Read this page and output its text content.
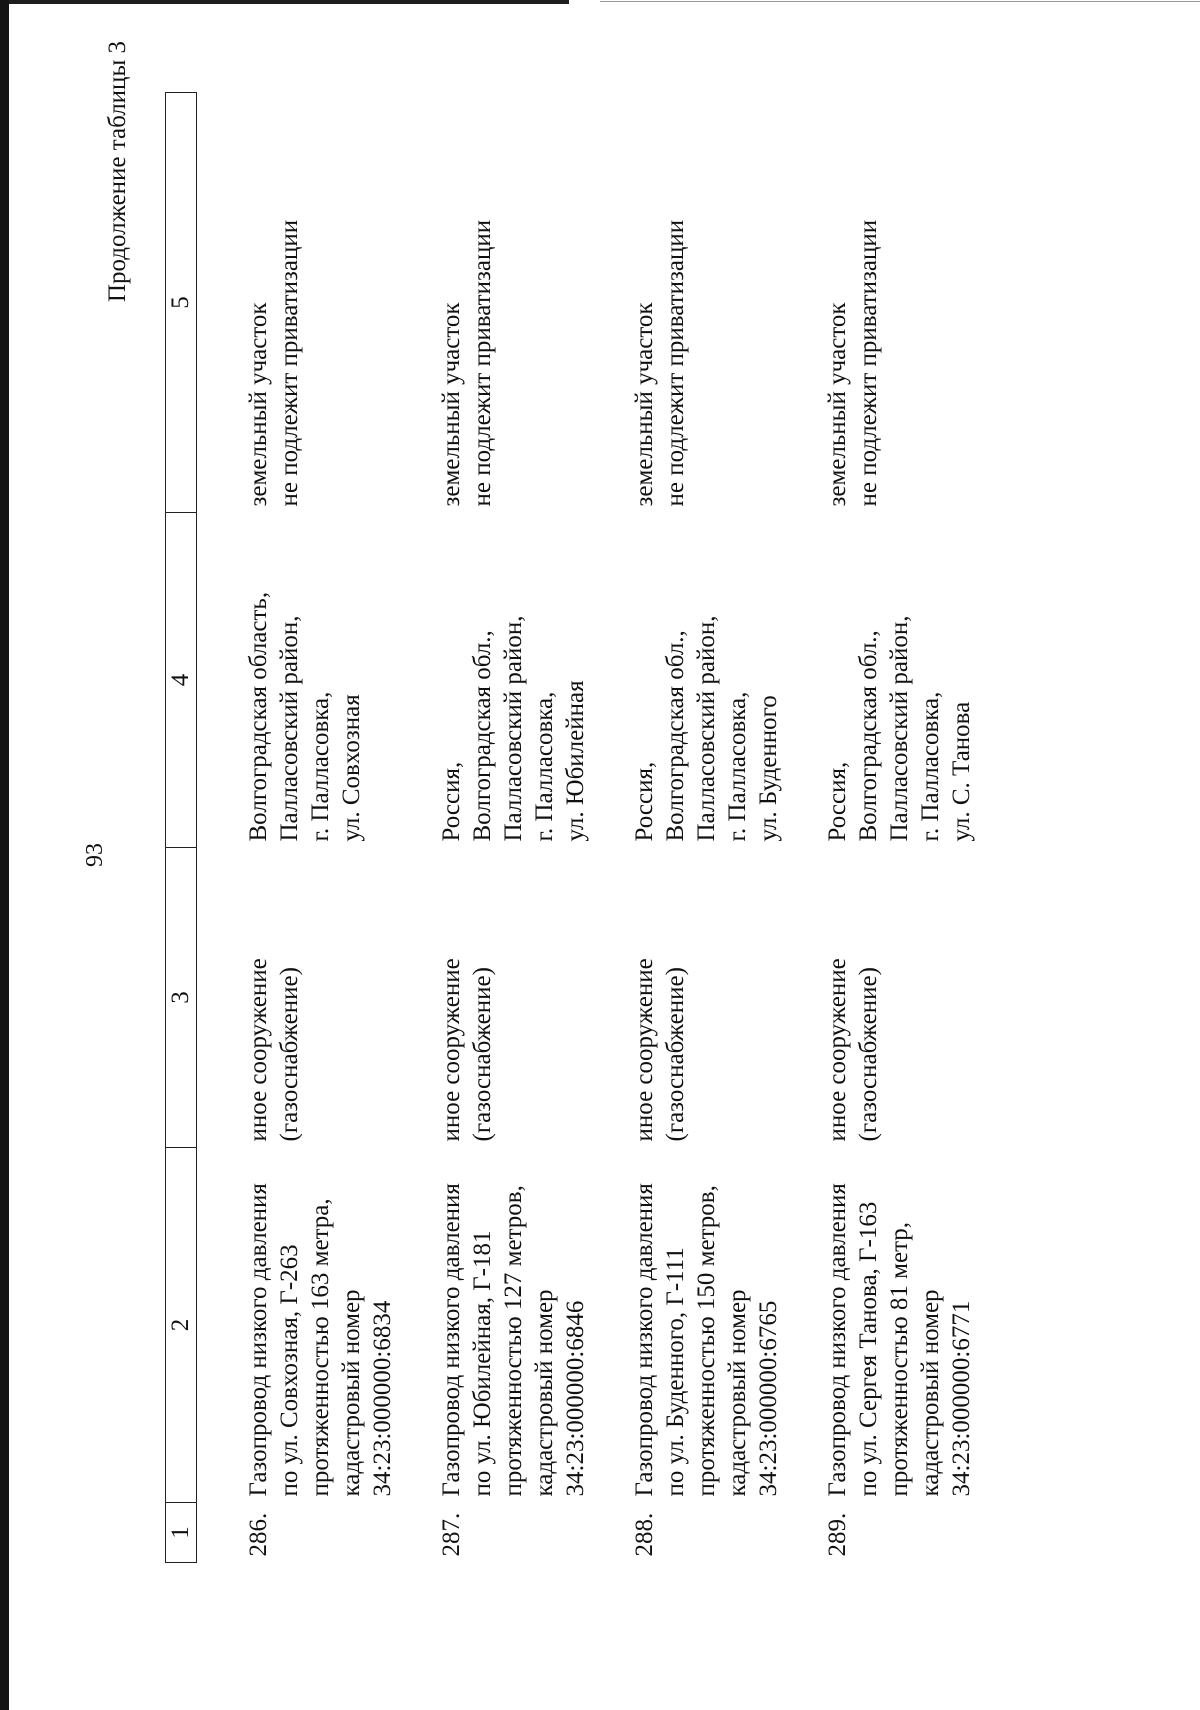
93
Продолжение таблицы 3
1	2	3	4	5
286.	Газопровод низкого давления
по ул. Совхозная, Г-263
протяженностью 163 метра,
кадастровый номер
34:23:000000:6834	иное сооружение
(газоснабжение)	Волгоградская область,
Палласовский район,
г. Палласовка,
ул. Совхозная	земельный участок
не подлежит приватизации
287.	Газопровод низкого давления
по ул. Юбилейная, Г-181
протяженностью 127 метров,
кадастровый номер
34:23:000000:6846	иное сооружение
(газоснабжение)	Россия,
Волгоградская обл.,
Палласовский район,
г. Палласовка,
ул. Юбилейная	земельный участок
не подлежит приватизации
288.	Газопровод низкого давления
по ул. Буденного, Г-111
протяженностью 150 метров,
кадастровый номер
34:23:000000:6765	иное сооружение
(газоснабжение)	Россия,
Волгоградская обл.,
Палласовский район,
г. Палласовка,
ул. Буденного	земельный участок
не подлежит приватизации
289.	Газопровод низкого давления
по ул. Сергея Танова, Г-163
протяженностью 81 метр,
кадастровый номер
34:23:000000:6771	иное сооружение
(газоснабжение)	Россия,
Волгоградская обл.,
Палласовский район,
г. Палласовка,
ул. С. Танова	земельный участок
не подлежит приватизации
